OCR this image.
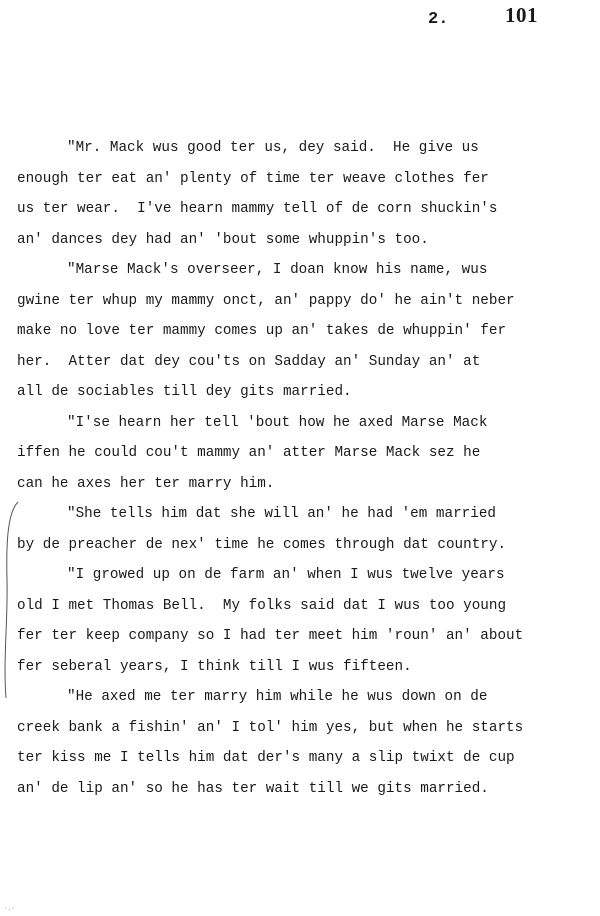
2.	101
"Mr. Mack wus good ter us, dey said.  He give us
enough ter eat an' plenty of time ter weave clothes fer
us ter wear.  I've hearn mammy tell of de corn shuckin's
an' dances dey had an' 'bout some whuppin's too.
"Marse Mack's overseer, I doan know his name, wus
gwine ter whup my mammy onct, an' pappy do' he ain't neber
make no love ter mammy comes up an' takes de whuppin' fer
her.  Atter dat dey cou'ts on Sadday an' Sunday an' at
all de sociables till dey gits married.
"I'se hearn her tell 'bout how he axed Marse Mack
iffen he could cou't mammy an' atter Marse Mack sez he
can he axes her ter marry him.
"She tells him dat she will an' he had 'em married
by de preacher de nex' time he comes through dat country.
"I growed up on de farm an' when I wus twelve years
old I met Thomas Bell.  My folks said dat I wus too young
fer ter keep company so I had ter meet him 'roun' an' about
fer seberal years, I think till I wus fifteen.
"He axed me ter marry him while he wus down on de
creek bank a fishin' an' I tol' him yes, but when he starts
ter kiss me I tells him dat der's many a slip twixt de cup
an' de lip an' so he has ter wait till we gits married.
·.·
